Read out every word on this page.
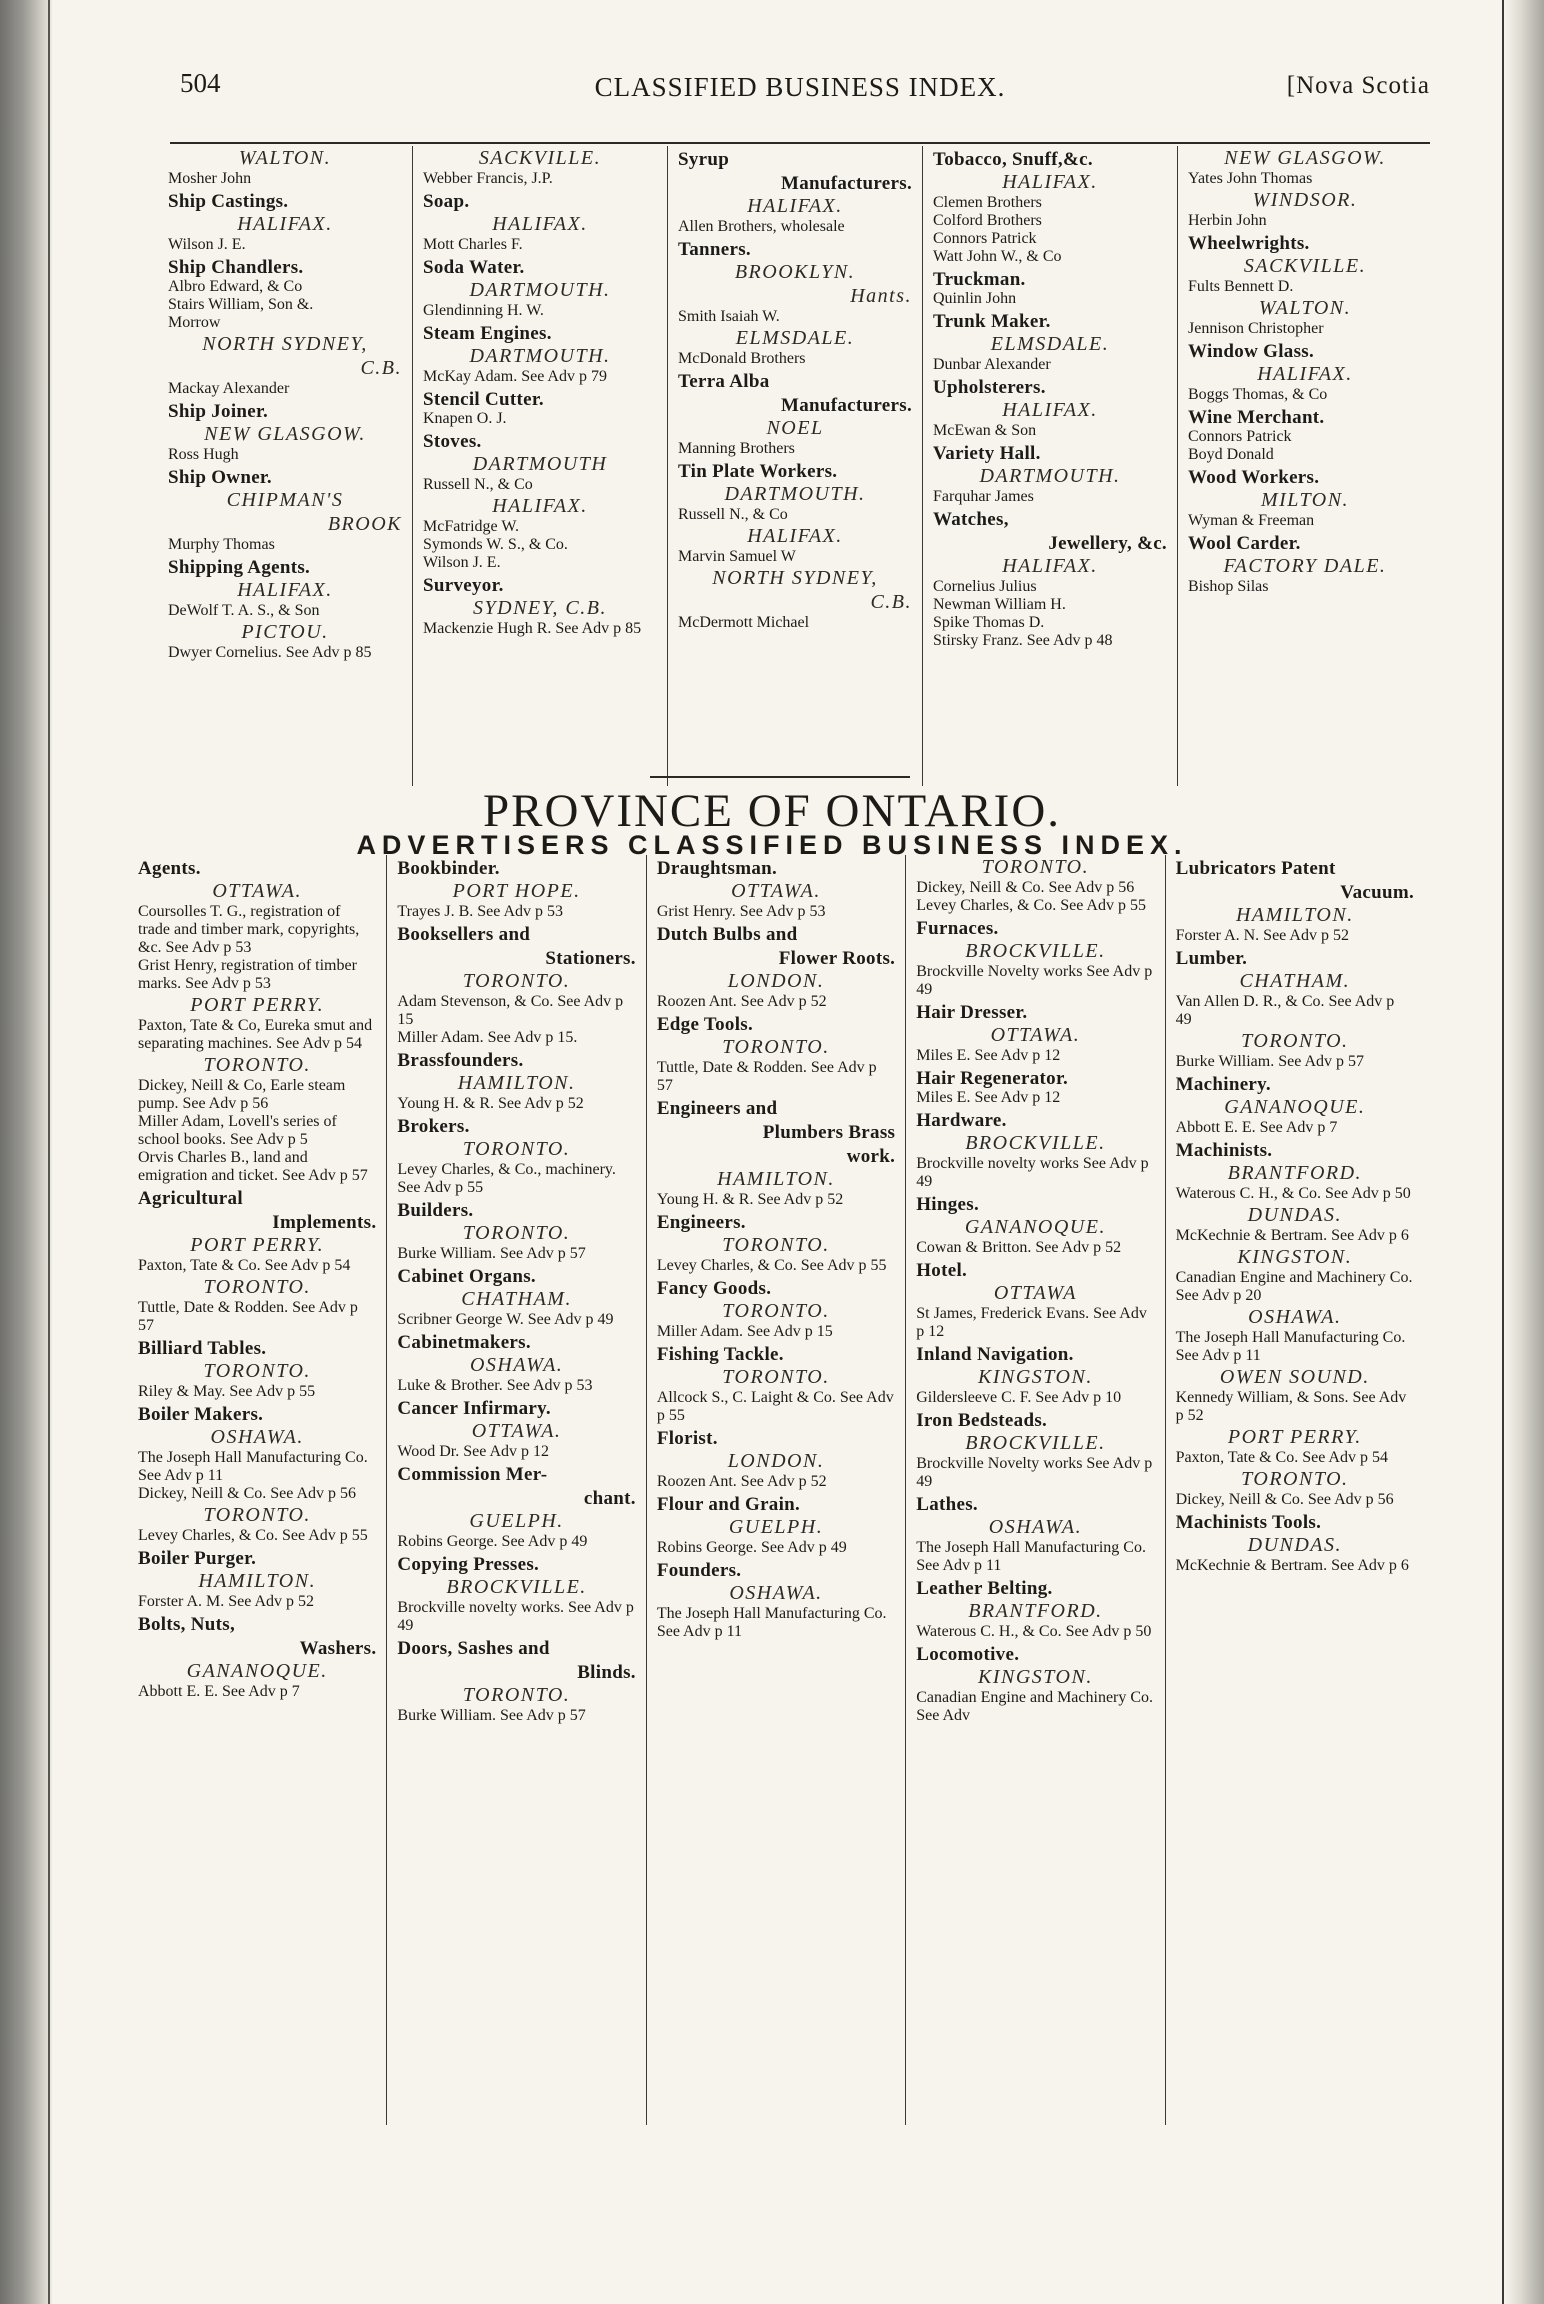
504	CLASSIFIED BUSINESS INDEX.	[Nova Scotia
WALTON.
Mosher John
Ship Castings.
HALIFAX.
Wilson J. E.
Ship Chandlers.
Albro Edward, & Co
Stairs William, Son &.
Morrow
NORTH SYDNEY,
C.B.
Mackay Alexander
Ship Joiner.
NEW GLASGOW.
Ross Hugh
Ship Owner.
CHIPMAN'S
BROOK
Murphy Thomas
Shipping Agents.
HALIFAX.
DeWolf T. A. S., & Son
PICTOU.
Dwyer Cornelius. See Adv p 85
SACKVILLE.
Webber Francis, J.P.
Soap.
HALIFAX.
Mott Charles F.
Soda Water.
DARTMOUTH.
Glendinning H. W.
Steam Engines.
DARTMOUTH.
McKay Adam. See Adv p 79
Stencil Cutter.
Knapen O. J.
Stoves.
DARTMOUTH
Russell N., & Co
HALIFAX.
McFatridge W.
Symonds W. S., & Co.
Wilson J. E.
Surveyor.
SYDNEY, C.B.
Mackenzie Hugh R. See Adv p 85
Syrup
Manufacturers.
HALIFAX.
Allen Brothers, wholesale
Tanners.
BROOKLYN.
Hants.
Smith Isaiah W.
ELMSDALE.
McDonald Brothers
Terra Alba
Manufacturers.
NOEL
Manning Brothers
Tin Plate Workers.
DARTMOUTH.
Russell N., & Co
HALIFAX.
Marvin Samuel W
NORTH SYDNEY,
C.B.
McDermott Michael
Tobacco, Snuff,&c.
HALIFAX.
Clemen Brothers
Colford Brothers
Connors Patrick
Watt John W., & Co
Truckman.
Quinlin John
Trunk Maker.
ELMSDALE.
Dunbar Alexander
Upholsterers.
HALIFAX.
McEwan & Son
Variety Hall.
DARTMOUTH.
Farquhar James
Watches,
Jewellery, &c.
HALIFAX.
Cornelius Julius
Newman William H.
Spike Thomas D.
Stirsky Franz. See Adv p 48
NEW GLASGOW.
Yates John Thomas
WINDSOR.
Herbin John
Wheelwrights.
SACKVILLE.
Fults Bennett D.
WALTON.
Jennison Christopher
Window Glass.
HALIFAX.
Boggs Thomas, & Co
Wine Merchant.
Connors Patrick
Boyd Donald
Wood Workers.
MILTON.
Wyman & Freeman
Wool Carder.
FACTORY DALE.
Bishop Silas
PROVINCE OF ONTARIO.
ADVERTISERS CLASSIFIED BUSINESS INDEX.
Agents.
OTTAWA.
Coursolles T. G., registration of trade and timber mark, copyrights, &c. See Adv p 53
Grist Henry, registration of timber marks. See Adv p 53
PORT PERRY.
Paxton, Tate & Co, Eureka smut and separating machines. See Adv p 54
TORONTO.
Dickey, Neill & Co, Earle steam pump. See Adv p 56
Miller Adam, Lovell's series of school books. See Adv p 5
Orvis Charles B., land and emigration and ticket. See Adv p 57
Agricultural
Implements.
PORT PERRY.
Paxton, Tate & Co. See Adv p 54
TORONTO.
Tuttle, Date & Rodden. See Adv p 57
Billiard Tables.
TORONTO.
Riley & May. See Adv p 55
Boiler Makers.
OSHAWA.
The Joseph Hall Manufacturing Co. See Adv p 11
Dickey, Neill & Co. See Adv p 56
TORONTO.
Levey Charles, & Co. See Adv p 55
Boiler Purger.
HAMILTON.
Forster A. M. See Adv p 52
Bolts, Nuts,
Washers.
GANANOQUE.
Abbott E. E. See Adv p 7
Bookbinder.
PORT HOPE.
Trayes J. B. See Adv p 53
Booksellers and
Stationers.
TORONTO.
Adam Stevenson, & Co. See Adv p 15
Miller Adam. See Adv p 15.
Brassfounders.
HAMILTON.
Young H. & R. See Adv p 52
Brokers.
TORONTO.
Levey Charles, & Co., machinery. See Adv p 55
Builders.
TORONTO.
Burke William. See Adv p 57
Cabinet Organs.
CHATHAM.
Scribner George W. See Adv p 49
Cabinetmakers.
OSHAWA.
Luke & Brother. See Adv p 53
Cancer Infirmary.
OTTAWA.
Wood Dr. See Adv p 12
Commission Mer-
chant.
GUELPH.
Robins George. See Adv p 49
Copying Presses.
BROCKVILLE.
Brockville novelty works. See Adv p 49
Doors, Sashes and
Blinds.
TORONTO.
Burke William. See Adv p 57
Draughtsman.
OTTAWA.
Grist Henry. See Adv p 53
Dutch Bulbs and
Flower Roots.
LONDON.
Roozen Ant. See Adv p 52
Edge Tools.
TORONTO.
Tuttle, Date & Rodden. See Adv p 57
Engineers and
Plumbers Brass
work.
HAMILTON.
Young H. & R. See Adv p 52
Engineers.
TORONTO.
Levey Charles, & Co. See Adv p 55
Fancy Goods.
TORONTO.
Miller Adam. See Adv p 15
Fishing Tackle.
TORONTO.
Allcock S., C. Laight & Co. See Adv p 55
Florist.
LONDON.
Roozen Ant. See Adv p 52
Flour and Grain.
GUELPH.
Robins George. See Adv p 49
Founders.
OSHAWA.
The Joseph Hall Manufacturing Co. See Adv p 11
TORONTO.
Dickey, Neill & Co. See Adv p 56
Levey Charles, & Co. See Adv p 55
Furnaces.
BROCKVILLE.
Brockville Novelty works See Adv p 49
Hair Dresser.
OTTAWA.
Miles E. See Adv p 12
Hair Regenerator.
Miles E. See Adv p 12
Hardware.
BROCKVILLE.
Brockville novelty works See Adv p 49
Hinges.
GANANOQUE.
Cowan & Britton. See Adv p 52
Hotel.
OTTAWA
St James, Frederick Evans. See Adv p 12
Inland Navigation.
KINGSTON.
Gildersleeve C. F. See Adv p 10
Iron Bedsteads.
BROCKVILLE.
Brockville Novelty works See Adv p 49
Lathes.
OSHAWA.
The Joseph Hall Manufacturing Co. See Adv p 11
Leather Belting.
BRANTFORD.
Waterous C. H., & Co. See Adv p 50
Locomotive.
KINGSTON.
Canadian Engine and Machinery Co. See Adv
Lubricators Patent
Vacuum.
HAMILTON.
Forster A. N. See Adv p 52
Lumber.
CHATHAM.
Van Allen D. R., & Co. See Adv p 49
TORONTO.
Burke William. See Adv p 57
Machinery.
GANANOQUE.
Abbott E. E. See Adv p 7
Machinists.
BRANTFORD.
Waterous C. H., & Co. See Adv p 50
DUNDAS.
McKechnie & Bertram. See Adv p 6
KINGSTON.
Canadian Engine and Machinery Co. See Adv p 20
OSHAWA.
The Joseph Hall Manufacturing Co. See Adv p 11
OWEN SOUND.
Kennedy William, & Sons. See Adv p 52
PORT PERRY.
Paxton, Tate & Co. See Adv p 54
TORONTO.
Dickey, Neill & Co. See Adv p 56
Machinists Tools.
DUNDAS.
McKechnie & Bertram. See Adv p 6
